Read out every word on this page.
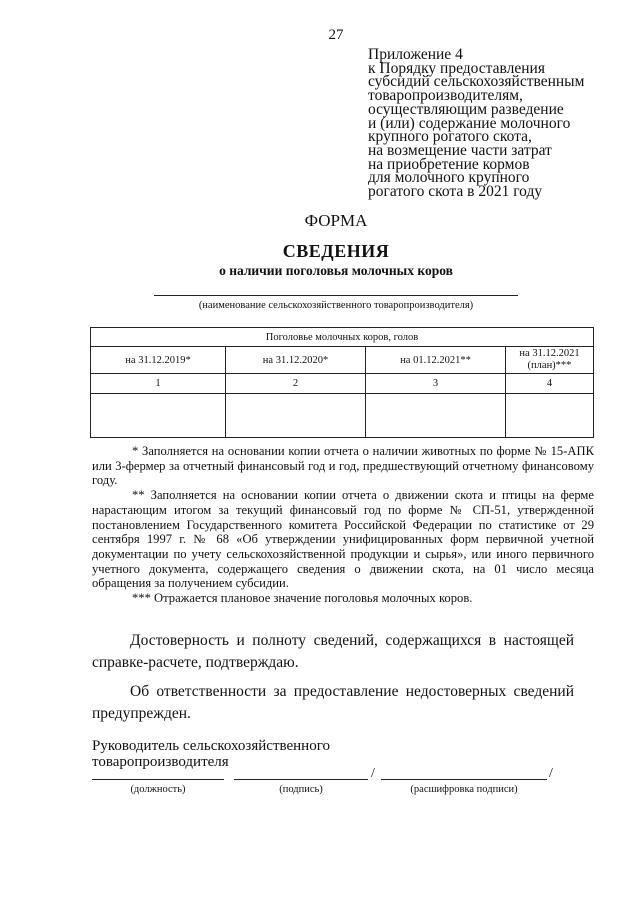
27
Приложение 4
к Порядку предоставления
субсидий сельскохозяйственным
товаропроизводителям,
осуществляющим разведение
и (или) содержание молочного
крупного рогатого скота,
на возмещение части затрат
на приобретение кормов
для молочного крупного
рогатого скота в 2021 году
ФОРМА
СВЕДЕНИЯ
о наличии поголовья молочных коров
(наименование сельскохозяйственного товаропроизводителя)
Поголовье молочных коров, голов			
на 31.12.2019*	на 31.12.2020*	на 01.12.2021**	на 31.12.2021
(план)***

1	2	3	4

* Заполняется на основании копии отчета о наличии животных по форме № 15-АПК или 3-фермер за отчетный финансовый год и год, предшествующий отчетному финансовому году.

** Заполняется на основании копии отчета о движении скота и птицы на ферме нарастающим итогом за текущий финансовый год по форме № СП-51, утвержденной постановлением Государственного комитета Российской Федерации по статистике от 29 сентября 1997 г. № 68 «Об утверждении унифицированных форм первичной учетной документации по учету сельскохозяйственной продукции и сырья», или иного первичного учетного документа, содержащего сведения о движении скота, на 01 число месяца обращения за получением субсидии.

*** Отражается плановое значение поголовья молочных коров.

Достоверность и полноту сведений, содержащихся в настоящей справке-расчете, подтверждаю.

Об ответственности за предоставление недостоверных сведений предупрежден.

Руководитель сельскохозяйственного
товаропроизводителя
/	/
(должность)	(подпись)	(расшифровка подписи)
